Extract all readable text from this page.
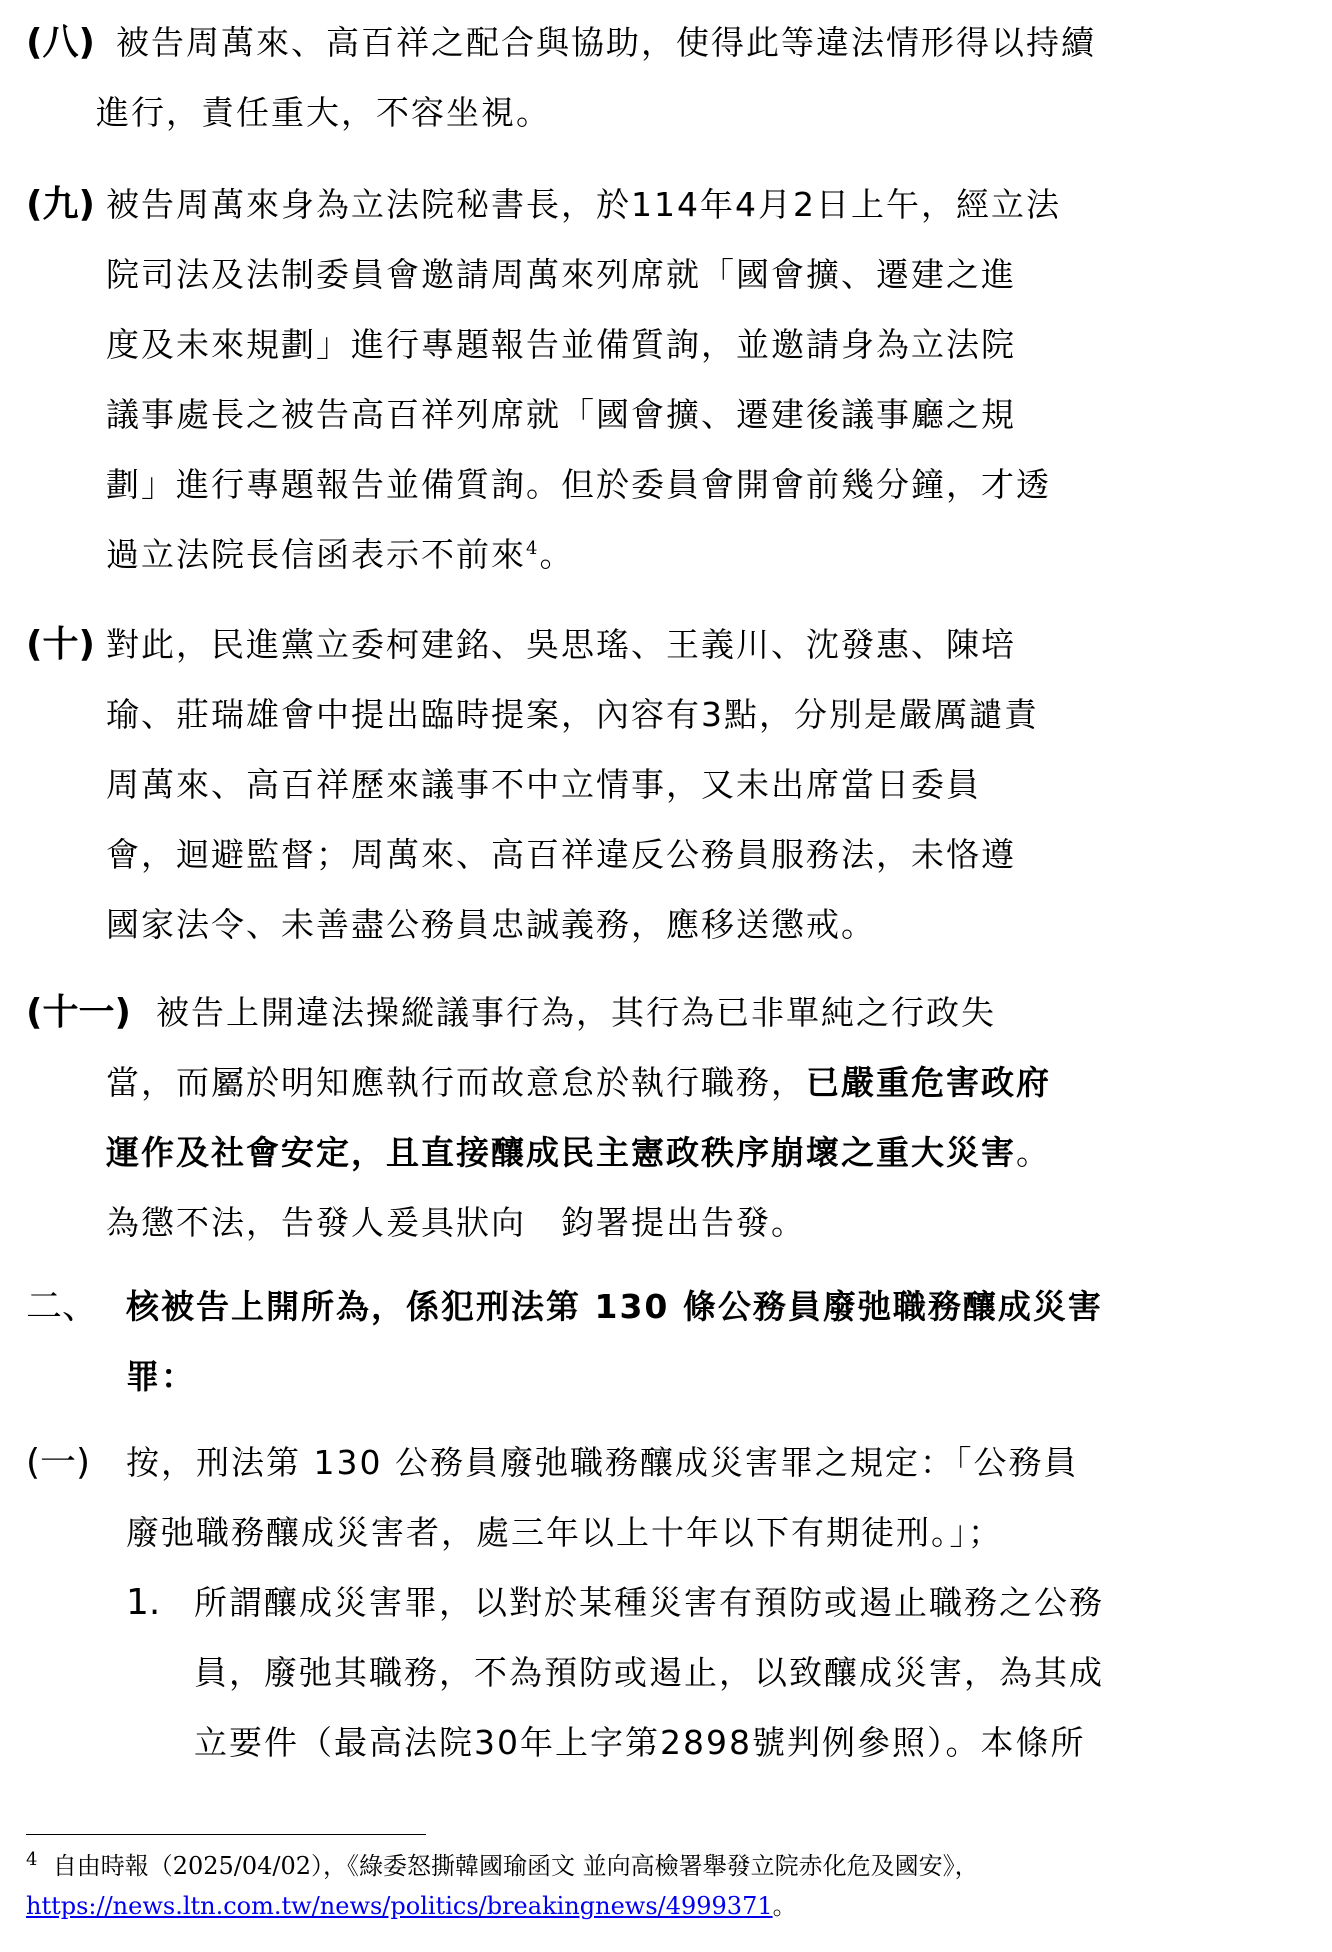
(八) 被告周萬來、高百祥之配合與協助，使得此等違法情形得以持續

進行，責任重大，不容坐視。

(九) 被告周萬來身為立法院秘書長，於114年4月2日上午，經立法

院司法及法制委員會邀請周萬來列席就「國會擴、遷建之進

度及未來規劃」進行專題報告並備質詢，並邀請身為立法院

議事處長之被告高百祥列席就「國會擴、遷建後議事廳之規

劃」進行專題報告並備質詢。但於委員會開會前幾分鐘，才透

過立法院長信函表示不前來$^4$。

(十) 對此，民進黨立委柯建銘、吳思瑤、王義川、沈發惠、陳培

瑜、莊瑞雄會中提出臨時提案，內容有3點，分別是嚴厲譴責

周萬來、高百祥歷來議事不中立情事，又未出席當日委員

會，迴避監督；周萬來、高百祥違反公務員服務法，未恪遵

國家法令、未善盡公務員忠誠義務，應移送懲戒。

(十一) 被告上開違法操縱議事行為，其行為已非單純之行政失

當，而屬於明知應執行而故意怠於執行職務，已嚴重危害政府

運作及社會安定，且直接釀成民主憲政秩序崩壞之重大災害。

為懲不法，告發人爰具狀向　鈞署提出告發。

二、 核被告上開所為，係犯刑法第 130 條公務員廢弛職務釀成災害

罪：

(一) 按，刑法第 130 公務員廢弛職務釀成災害罪之規定：「公務員

廢弛職務釀成災害者，處三年以上十年以下有期徒刑。」；

1. 所謂釀成災害罪，以對於某種災害有預防或遏止職務之公務

員，廢弛其職務，不為預防或遏止，以致釀成災害，為其成

立要件（最高法院30年上字第2898號判例參照）。本條所

$^4$ 自由時報（2025/04/02），《綠委怒撕韓國瑜函文 並向高檢署舉發立院赤化危及國安》，
https://news.ltn.com.tw/news/politics/breakingnews/4999371。
